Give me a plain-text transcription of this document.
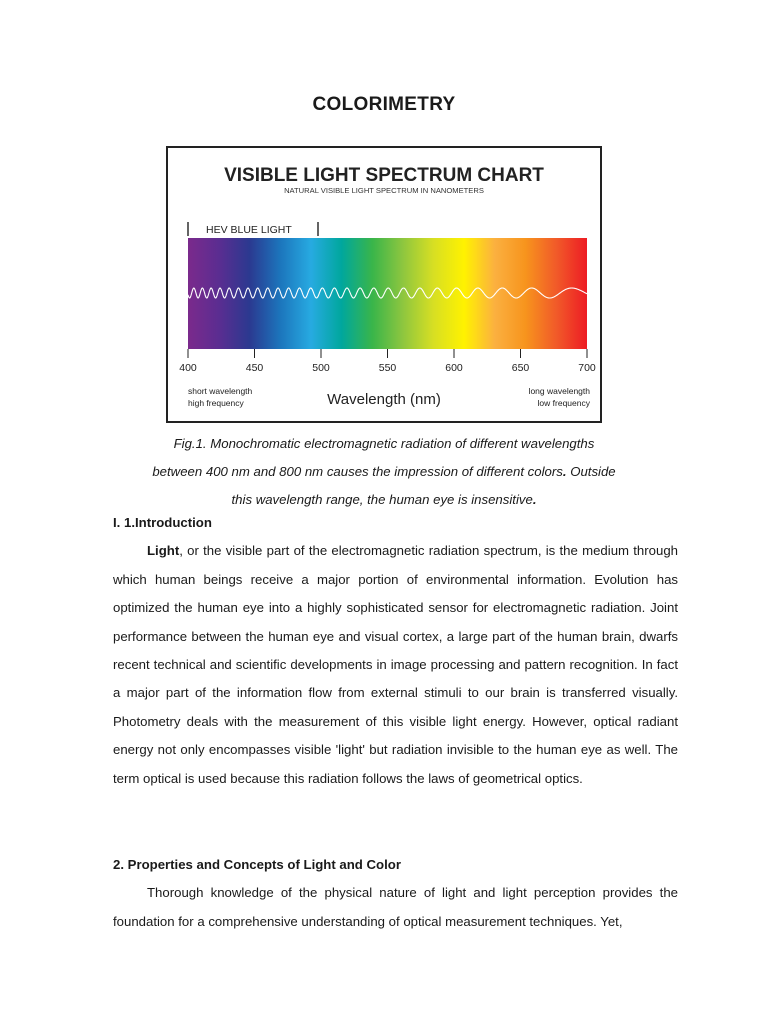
COLORIMETRY
VISIBLE LIGHT SPECTRUM CHART
NATURAL VISIBLE LIGHT SPECTRUM IN NANOMETERS
HEV BLUE LIGHT
400	450	500	550	600	650	700
short wavelength
high frequency	Wavelength (nm)	long wavelength
low frequency
Fig.1. Monochromatic electromagnetic radiation of different wavelengths
between 400 nm and 800 nm causes the impression of different colors. Outside
this wavelength range, the human eye is insensitive.
I. 1.Introduction

Light, or the visible part of the electromagnetic radiation spectrum, is the medium through which human beings receive a major portion of environmental information. Evolution has optimized the human eye into a highly sophisticated sensor for electromagnetic radiation. Joint performance between the human eye and visual cortex, a large part of the human brain, dwarfs recent technical and scientific developments in image processing and pattern recognition. In fact a major part of the information flow from external stimuli to our brain is transferred visually. Photometry deals with the measurement of this visible light energy. However, optical radiant energy not only encompasses visible 'light' but radiation invisible to the human eye as well. The term optical is used because this radiation follows the laws of geometrical optics.

2. Properties and Concepts of Light and Color

Thorough knowledge of the physical nature of light and light perception provides the foundation for a comprehensive understanding of optical measurement techniques. Yet,
